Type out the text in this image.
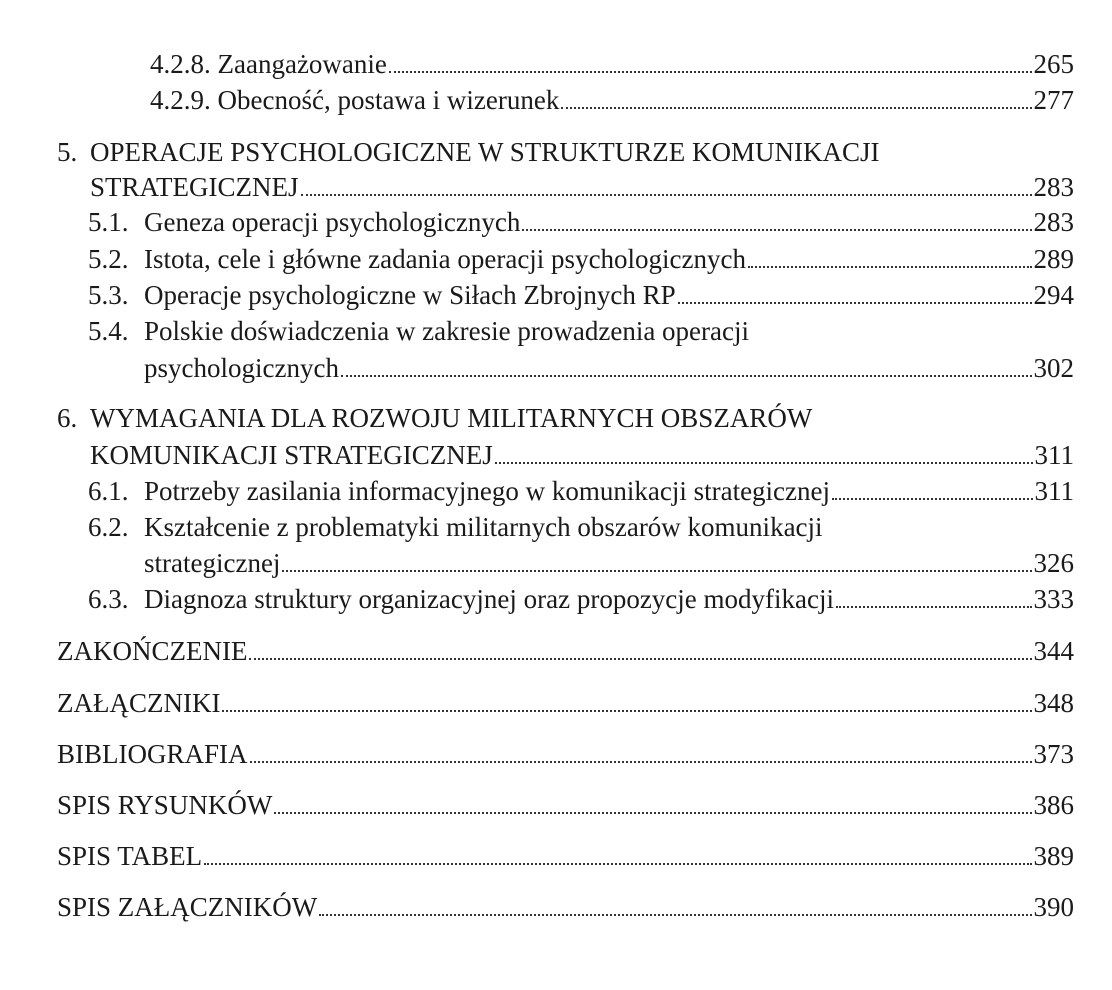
4.2.8. Zaangażowanie	265
4.2.9. Obecność, postawa i wizerunek	277
5. OPERACJE PSYCHOLOGICZNE W STRUKTURZE KOMUNIKACJI
STRATEGICZNEJ	283
5.1. Geneza operacji psychologicznych	283
5.2. Istota, cele i główne zadania operacji psychologicznych	289
5.3. Operacje psychologiczne w Siłach Zbrojnych RP	294
5.4. Polskie doświadczenia w zakresie prowadzenia operacji
psychologicznych	302
6. WYMAGANIA DLA ROZWOJU MILITARNYCH OBSZARÓW
KOMUNIKACJI STRATEGICZNEJ	311
6.1. Potrzeby zasilania informacyjnego w komunikacji strategicznej	311
6.2. Kształcenie z problematyki militarnych obszarów komunikacji
strategicznej	326
6.3. Diagnoza struktury organizacyjnej oraz propozycje modyfikacji	333
ZAKOŃCZENIE	344
ZAŁĄCZNIKI	348
BIBLIOGRAFIA	373
SPIS RYSUNKÓW	386
SPIS TABEL	389
SPIS ZAŁĄCZNIKÓW	390
